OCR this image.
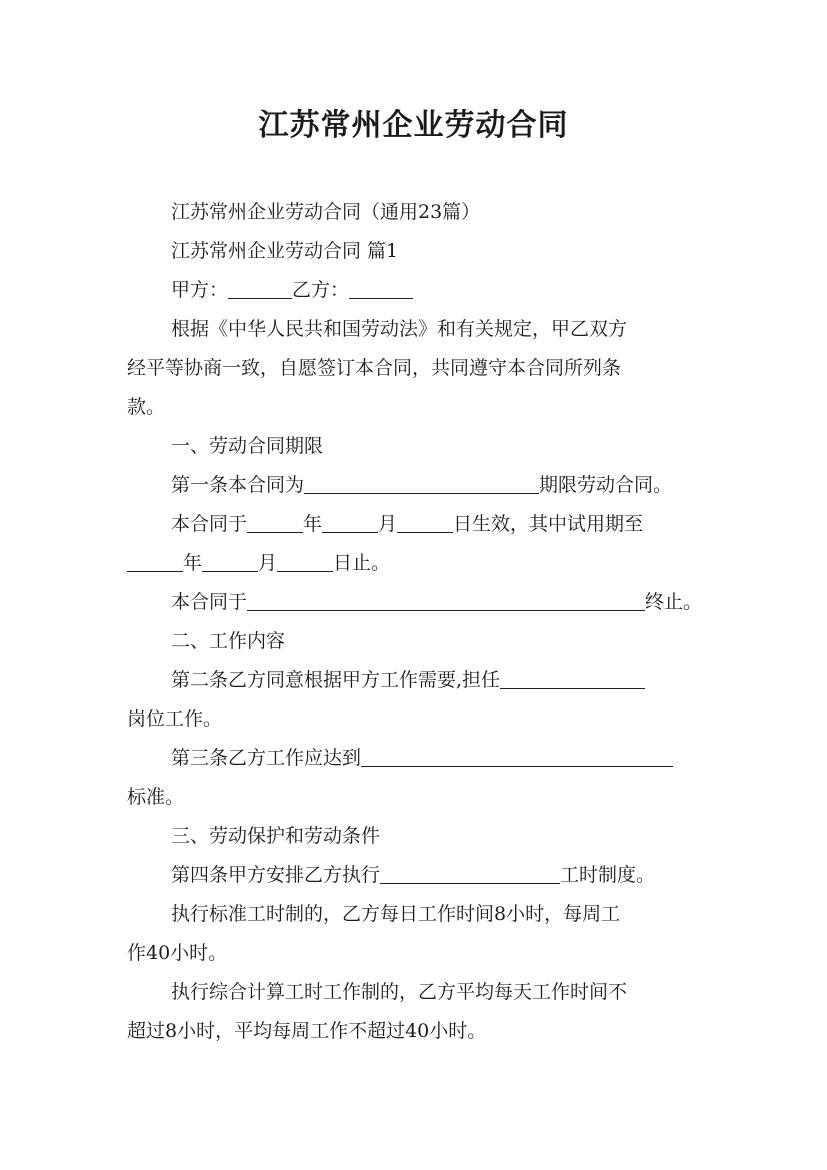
江苏常州企业劳动合同
江苏常州企业劳动合同（通用23篇）
江苏常州企业劳动合同 篇1
甲方：	乙方：
根据《中华人民共和国劳动法》和有关规定，甲乙双方
经平等协商一致，自愿签订本合同，共同遵守本合同所列条
款。
一、劳动合同期限
第一条本合同为	期限劳动合同。
本合同于	年	月	日生效，其中试用期至
年	月	日止。
本合同于	终止。
二、工作内容
第二条乙方同意根据甲方工作需要,担任
岗位工作。
第三条乙方工作应达到
标准。
三、劳动保护和劳动条件
第四条甲方安排乙方执行	工时制度。
执行标准工时制的，乙方每日工作时间8小时，每周工
作40小时。
执行综合计算工时工作制的，乙方平均每天工作时间不
超过8小时，平均每周工作不超过40小时。
